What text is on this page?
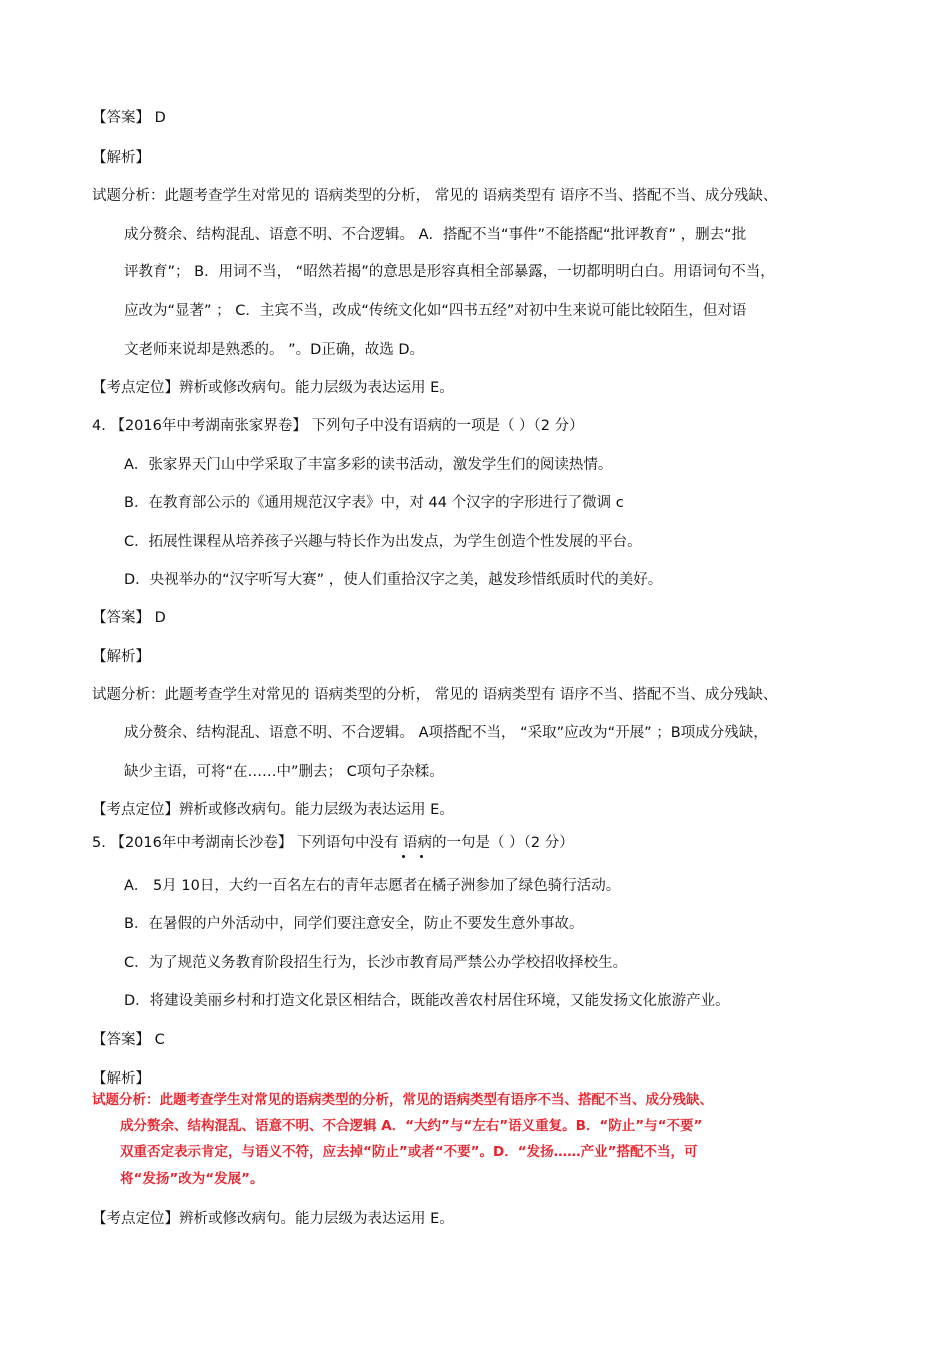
【答案】 D
【解析】
试题分析：此题考查学生对常见的 语病类型的分析， 常见的 语病类型有 语序不当、搭配不当、成分残缺、
成分赘余、结构混乱、语意不明、不合逻辑。 A．搭配不当“事件”不能搭配“批评教育” ，删去“批
评教育”； B．用词不当， “昭然若揭”的意思是形容真相全部暴露，一切都明明白白。用语词句不当，
应改为“显著” ； C．主宾不当，改成“传统文化如“四书五经”对初中生来说可能比较陌生，但对语
文老师来说却是熟悉的。 ”。D正确，故选 D。
【考点定位】辨析或修改病句。能力层级为表达运用 E。
4. 【2016年中考湖南张家界卷】 下列句子中没有语病的一项是（ ）（2 分）
A．张家界天门山中学采取了丰富多彩的读书活动，激发学生们的阅读热情。
B．在教育部公示的《通用规范汉字表》中，对 44 个汉字的字形进行了微调 c
C．拓展性课程从培养孩子兴趣与特长作为出发点，为学生创造个性发展的平台。
D．央视举办的“汉字听写大赛” ，使人们重拾汉字之美，越发珍惜纸质时代的美好。
【答案】 D
【解析】
试题分析：此题考查学生对常见的 语病类型的分析， 常见的 语病类型有 语序不当、搭配不当、成分残缺、
成分赘余、结构混乱、语意不明、不合逻辑。 A项搭配不当， “采取”应改为“开展” ；B项成分残缺，
缺少主语，可将“在……中”删去； C项句子杂糅。
【考点定位】辨析或修改病句。能力层级为表达运用 E。
5. 【2016年中考湖南长沙卷】 下列语句中没有 语病的一句是（ ）（2 分）
A． 5月 10日，大约一百名左右的青年志愿者在橘子洲参加了绿色骑行活动。
B．在暑假的户外活动中，同学们要注意安全，防止不要发生意外事故。
C．为了规范义务教育阶段招生行为，长沙市教育局严禁公办学校招收择校生。
D．将建设美丽乡村和打造文化景区相结合，既能改善农村居住环境，又能发扬文化旅游产业。
【答案】 C
【解析】
试题分析：此题考查学生对常见的语病类型的分析，常见的语病类型有语序不当、搭配不当、成分残缺、
成分赘余、结构混乱、语意不明、不合逻辑 A．“大约”与“左右”语义重复。B．“防止”与“不要”
双重否定表示肯定，与语义不符，应去掉“防止”或者“不要”。D．“发扬……产业”搭配不当，可
将“发扬”改为“发展”。
【考点定位】辨析或修改病句。能力层级为表达运用 E。
